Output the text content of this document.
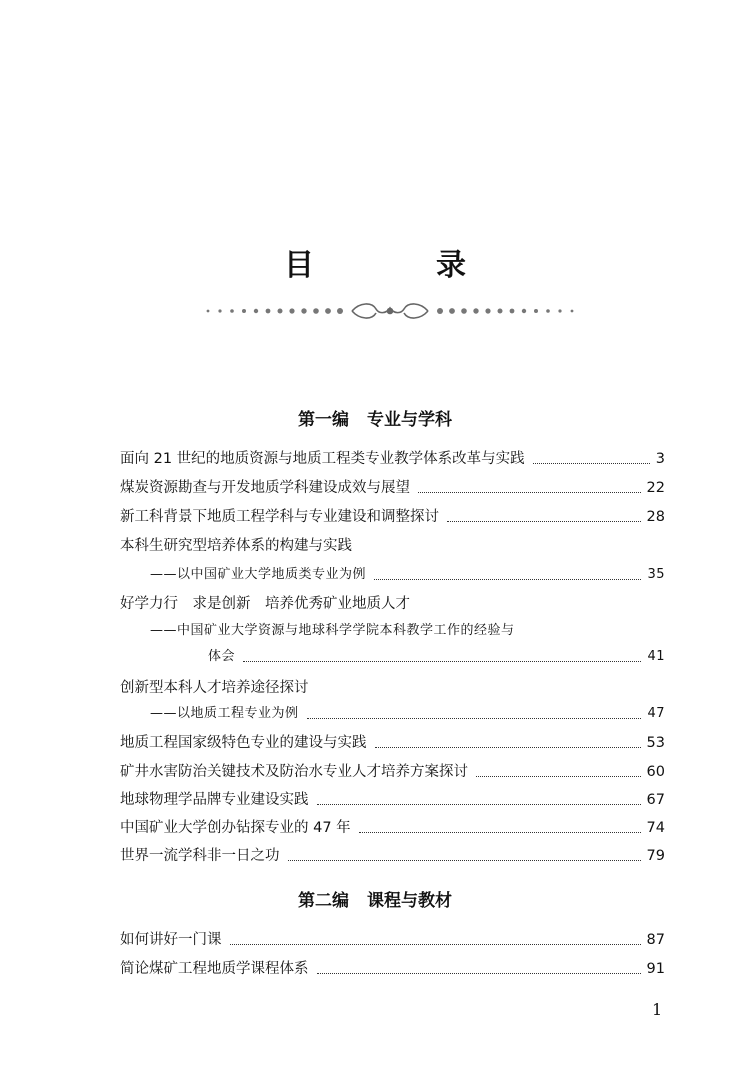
目　录
第一编 专业与学科
面向 21 世纪的地质资源与地质工程类专业教学体系改革与实践	3
煤炭资源勘查与开发地质学科建设成效与展望	22
新工科背景下地质工程学科与专业建设和调整探讨	28
本科生研究型培养体系的构建与实践
——以中国矿业大学地质类专业为例	35
好学力行　求是创新　培养优秀矿业地质人才
——中国矿业大学资源与地球科学学院本科教学工作的经验与
体会	41
创新型本科人才培养途径探讨
——以地质工程专业为例	47
地质工程国家级特色专业的建设与实践	53
矿井水害防治关键技术及防治水专业人才培养方案探讨	60
地球物理学品牌专业建设实践	67
中国矿业大学创办钻探专业的 47 年	74
世界一流学科非一日之功	79
第二编 课程与教材
如何讲好一门课	87
简论煤矿工程地质学课程体系	91
1
